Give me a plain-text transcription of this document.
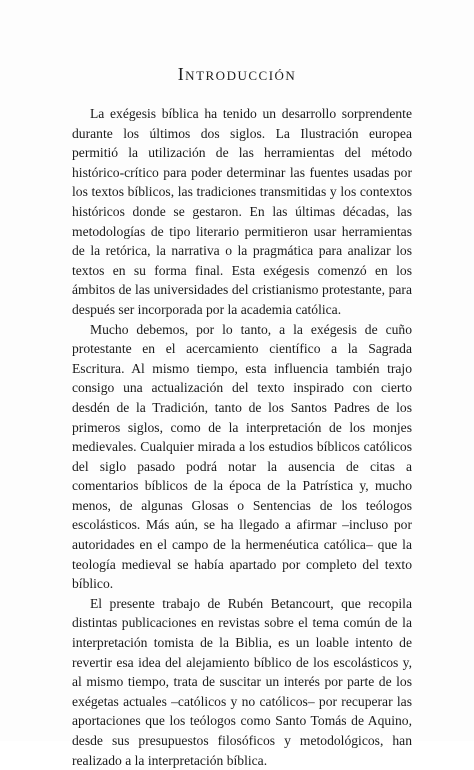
Introducción

La exégesis bíblica ha tenido un desarrollo sorprendente durante los últimos dos siglos. La Ilustración europea permitió la utilización de las herramientas del método histórico-crítico para poder determinar las fuentes usadas por los textos bíblicos, las tradiciones transmitidas y los contextos históricos donde se gestaron. En las últimas décadas, las metodologías de tipo literario permitieron usar herramientas de la retórica, la narrativa o la pragmática para analizar los textos en su forma final. Esta exégesis comenzó en los ámbitos de las universidades del cristianismo protestante, para después ser incorporada por la academia católica.

Mucho debemos, por lo tanto, a la exégesis de cuño protestante en el acercamiento científico a la Sagrada Escritura. Al mismo tiempo, esta influencia también trajo consigo una actualización del texto inspirado con cierto desdén de la Tradición, tanto de los Santos Padres de los primeros siglos, como de la interpretación de los monjes medievales. Cualquier mirada a los estudios bíblicos católicos del siglo pasado podrá notar la ausencia de citas a comentarios bíblicos de la época de la Patrística y, mucho menos, de algunas Glosas o Sentencias de los teólogos escolásticos. Más aún, se ha llegado a afirmar –incluso por autoridades en el campo de la hermenéutica católica– que la teología medieval se había apartado por completo del texto bíblico.

El presente trabajo de Rubén Betancourt, que recopila distintas publicaciones en revistas sobre el tema común de la interpretación tomista de la Biblia, es un loable intento de revertir esa idea del alejamiento bíblico de los escolásticos y, al mismo tiempo, trata de suscitar un interés por parte de los exégetas actuales –católicos y no católicos– por recuperar las aportaciones que los teólogos como Santo Tomás de Aquino, desde sus presupuestos filosóficos y metodológicos, han realizado a la interpretación bíblica.
